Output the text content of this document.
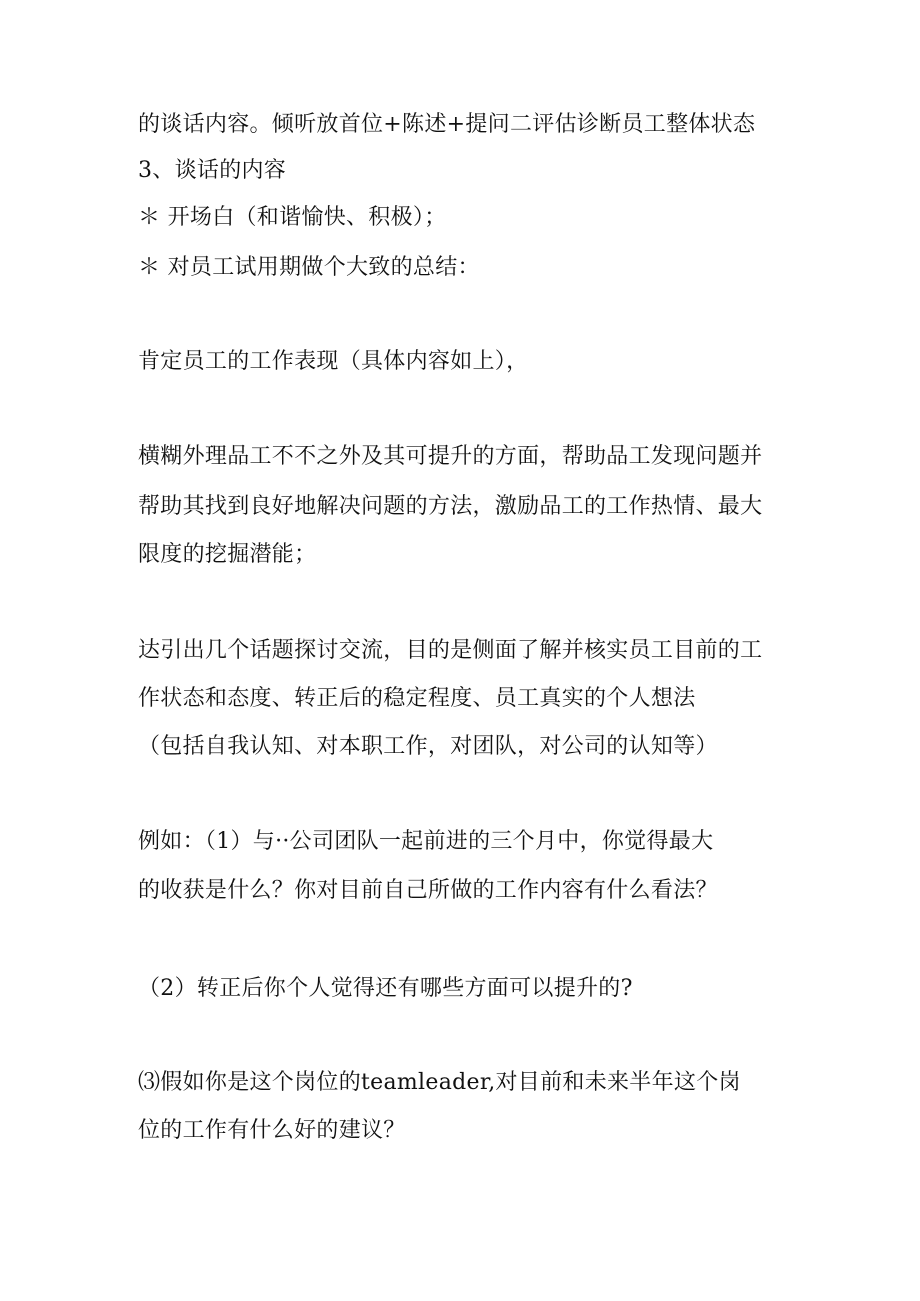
的谈话内容。倾听放首位+陈述+提问二评估诊断员工整体状态
3、谈话的内容
＊ 开场白（和谐愉快、积极）；
＊ 对员工试用期做个大致的总结：
肯定员工的工作表现（具体内容如上），
横糊外理品工不不之外及其可提升的方面，帮助品工发现问题并
帮助其找到良好地解决问题的方法，激励品工的工作热情、最大
限度的挖掘潜能；
达引出几个话题探讨交流，目的是侧面了解并核实员工目前的工
作状态和态度、转正后的稳定程度、员工真实的个人想法
（包括自我认知、对本职工作，对团队，对公司的认知等）
例如：（1）与··公司团队一起前进的三个月中，你觉得最大
的收获是什么？你对目前自己所做的工作内容有什么看法？
（2）转正后你个人觉得还有哪些方面可以提升的?
⑶假如你是这个岗位的teamleader,对目前和未来半年这个岗
位的工作有什么好的建议？
